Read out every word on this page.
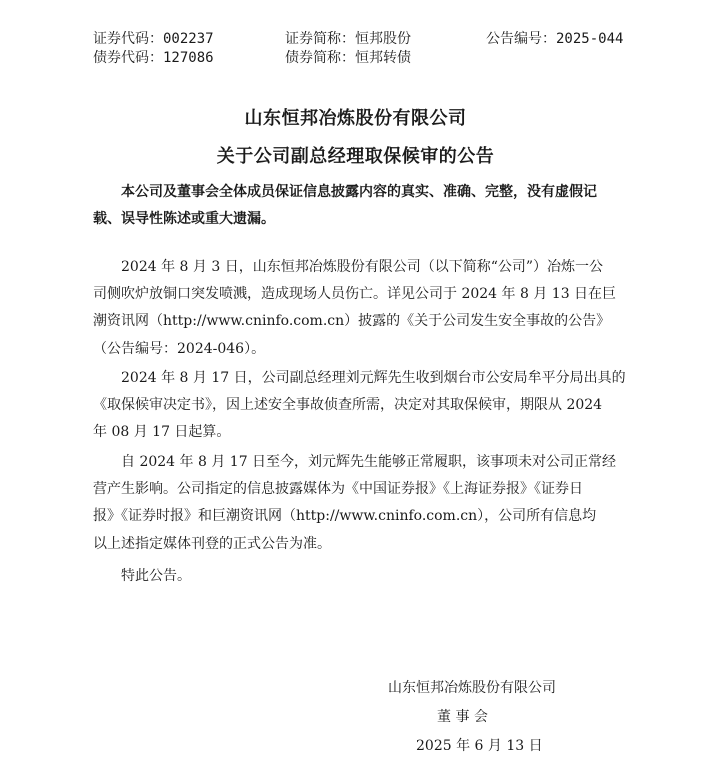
证券代码：002237	证券简称：恒邦股份	公告编号：2025-044
债券代码：127086	债券简称：恒邦转债
山东恒邦冶炼股份有限公司
关于公司副总经理取保候审的公告
本公司及董事会全体成员保证信息披露内容的真实、准确、完整，没有虚假记
载、误导性陈述或重大遗漏。
2024 年 8 月 3 日，山东恒邦冶炼股份有限公司（以下简称“公司”）冶炼一公
司侧吹炉放铜口突发喷溅，造成现场人员伤亡。详见公司于 2024 年 8 月 13 日在巨
潮资讯网（http://www.cninfo.com.cn）披露的《关于公司发生安全事故的公告》
（公告编号：2024-046）。
2024 年 8 月 17 日，公司副总经理刘元辉先生收到烟台市公安局牟平分局出具的
《取保候审决定书》，因上述安全事故侦查所需，决定对其取保候审，期限从 2024
年 08 月 17 日起算。
自 2024 年 8 月 17 日至今，刘元辉先生能够正常履职，该事项未对公司正常经
营产生影响。公司指定的信息披露媒体为《中国证券报》《上海证券报》《证券日
报》《证券时报》和巨潮资讯网（http://www.cninfo.com.cn），公司所有信息均
以上述指定媒体刊登的正式公告为准。
特此公告。
山东恒邦冶炼股份有限公司
董 事 会
2025 年 6 月 13 日
